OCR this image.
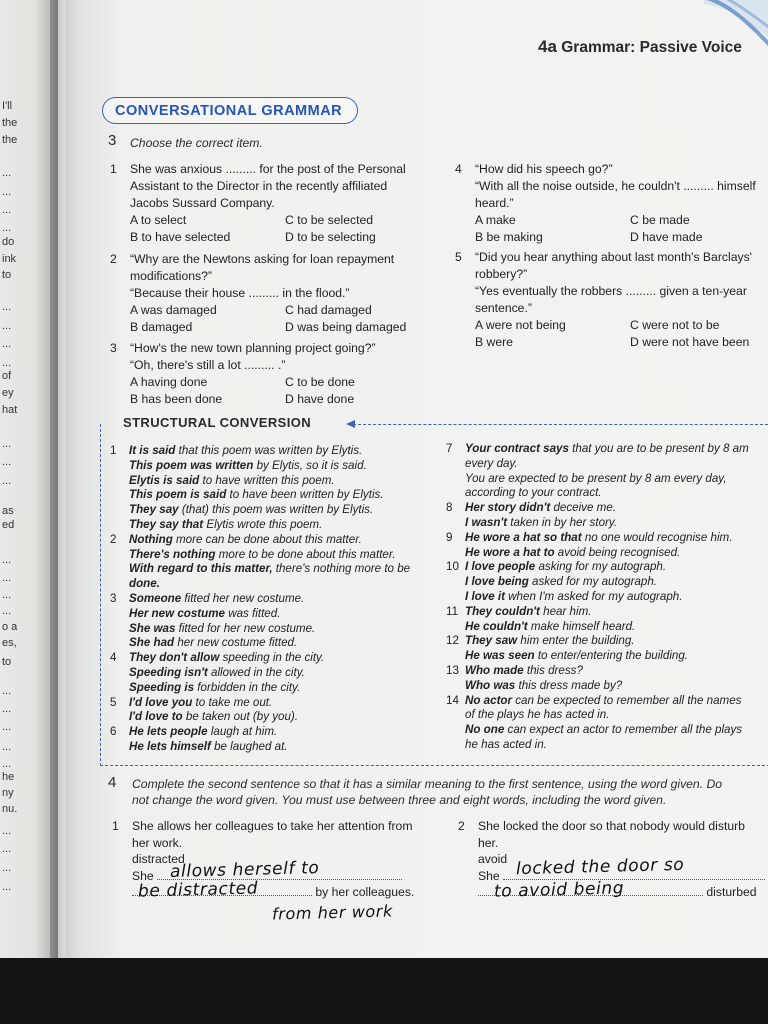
I'll
the
the
...
...
...
...
do
ink
to
...
...
...
...
of
ey
hat
...
...
...
as
ed
...
...
...
...
o a
es,
to
...
...
...
...
...
he
ny
nu.
...
...
...
...
4a Grammar: Passive Voice
CONVERSATIONAL GRAMMAR
3 Choose the correct item.
1 She was anxious ......... for the post of the Personal
Assistant to the Director in the recently affiliated
Jacobs Sussard Company.
A to select	C to be selected
B to have selected	D to be selecting
2 “Why are the Newtons asking for loan repayment
modifications?”
“Because their house ......... in the flood.”
A was damaged	C had damaged
B damaged	D was being damaged
3 “How's the new town planning project going?”
“Oh, there's still a lot ......... .”
A having done	C to be done
B has been done	D have done
4 “How did his speech go?”
“With all the noise outside, he couldn't ......... himself
heard.”
A make	C be made
B be making	D have made
5 “Did you hear anything about last month's Barclays'
robbery?”
“Yes eventually the robbers ......... given a ten-year
sentence.”
A were not being	C were not to be
B were	D were not have been
STRUCTURAL CONVERSION
1 It is said that this poem was written by Elytis.
This poem was written by Elytis, so it is said.
Elytis is said to have written this poem.
This poem is said to have been written by Elytis.
They say (that) this poem was written by Elytis.
They say that Elytis wrote this poem.
2 Nothing more can be done about this matter.
There's nothing more to be done about this matter.
With regard to this matter, there's nothing more to be
done.
3 Someone fitted her new costume.
Her new costume was fitted.
She was fitted for her new costume.
She had her new costume fitted.
4 They don't allow speeding in the city.
Speeding isn't allowed in the city.
Speeding is forbidden in the city.
5 I'd love you to take me out.
I'd love to be taken out (by you).
6 He lets people laugh at him.
He lets himself be laughed at.
7 Your contract says that you are to be present by 8 am
every day.
You are expected to be present by 8 am every day,
according to your contract.
8 Her story didn't deceive me.
I wasn't taken in by her story.
9 He wore a hat so that no one would recognise him.
He wore a hat to avoid being recognised.
10 I love people asking for my autograph.
I love being asked for my autograph.
I love it when I'm asked for my autograph.
11 They couldn't hear him.
He couldn't make himself heard.
12 They saw him enter the building.
He was seen to enter/entering the building.
13 Who made this dress?
Who was this dress made by?
14 No actor can be expected to remember all the names
of the plays he has acted in.
No one can expect an actor to remember all the plays
he has acted in.
4 Complete the second sentence so that it has a similar meaning to the first sentence, using the word given. Do
not change the word given. You must use between three and eight words, including the word given.
1 She allows her colleagues to take her attention from
her work.
distracted
She
by her colleagues.
2 She locked the door so that nobody would disturb
her.
avoid
She
disturbed
allows herself to
be distracted
from her work
locked the door so
to avoid being
